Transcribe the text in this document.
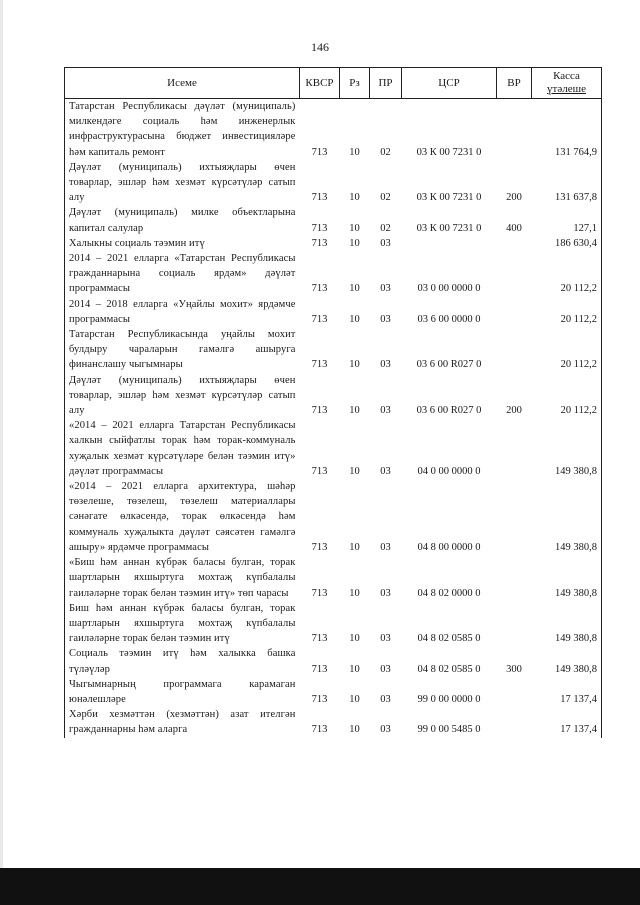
146
Исеме	КВСР	Рз	ПР	ЦСР	ВР	Касса
үтәлеше
Татарстан Республикасы дәүләт (муниципаль) милкендәге социаль һәм инженерлык инфраструктурасына бюджет инвестицияләре һәм капиталь ремонт	713	10	02	03 К 00 7231 0		131 764,9
Дәүләт (муниципаль) ихтыяҗлары өчен товарлар, эшләр һәм хезмәт күрсәтүләр сатып алу	713	10	02	03 К 00 7231 0	200	131 637,8
Дәүләт (муниципаль) милке объектларына капитал салулар	713	10	02	03 К 00 7231 0	400	127,1
Халыкны социаль тәэмин итү	713	10	03			186 630,4
2014 – 2021 елларга «Татарстан Республикасы гражданнарына социаль ярдәм» дәүләт программасы	713	10	03	03 0 00 0000 0		20 112,2
2014 – 2018 елларга «Уңайлы мохит» ярдәмче программасы	713	10	03	03 6 00 0000 0		20 112,2
Татарстан Республикасында уңайлы мохит булдыру чараларын гамәлгә ашыруга финанслашу чыгымнары	713	10	03	03 6 00 R027 0		20 112,2
Дәүләт (муниципаль) ихтыяҗлары өчен товарлар, эшләр һәм хезмәт күрсәтүләр сатып алу	713	10	03	03 6 00 R027 0	200	20 112,2
«2014 – 2021 елларга Татарстан Республикасы халкын сыйфатлы торак һәм торак-коммуналь хуҗалык хезмәт күрсәтүләре белән тәэмин итү» дәүләт программасы	713	10	03	04 0 00 0000 0		149 380,8
«2014 – 2021 елларга архитектура, шәһәр төзелеше, төзелеш, төзелеш материаллары сәнәгате өлкәсендә, торак өлкәсендә һәм коммуналь хуҗалыкта дәүләт сәясәтен гамәлгә ашыру» ярдәмче программасы	713	10	03	04 8 00 0000 0		149 380,8
«Биш һәм аннан күбрәк баласы булган, торак шартларын яхшыртуга мохтаҗ күпбалалы гаиләләрне торак белән тәэмин итү» төп чарасы	713	10	03	04 8 02 0000 0		149 380,8
Биш һәм аннан күбрәк баласы булган, торак шартларын яхшыртуга мохтаҗ күпбалалы гаиләләрне торак белән тәэмин итү	713	10	03	04 8 02 0585 0		149 380,8
Социаль тәэмин итү һәм халыкка башка түләүләр	713	10	03	04 8 02 0585 0	300	149 380,8
Чыгымнарның программага карамаган юнәлешләре	713	10	03	99 0 00 0000 0		17 137,4
Хәрби хезмәттән (хезмәттән) азат ителгән гражданнарны һәм аларга	713	10	03	99 0 00 5485 0		17 137,4
